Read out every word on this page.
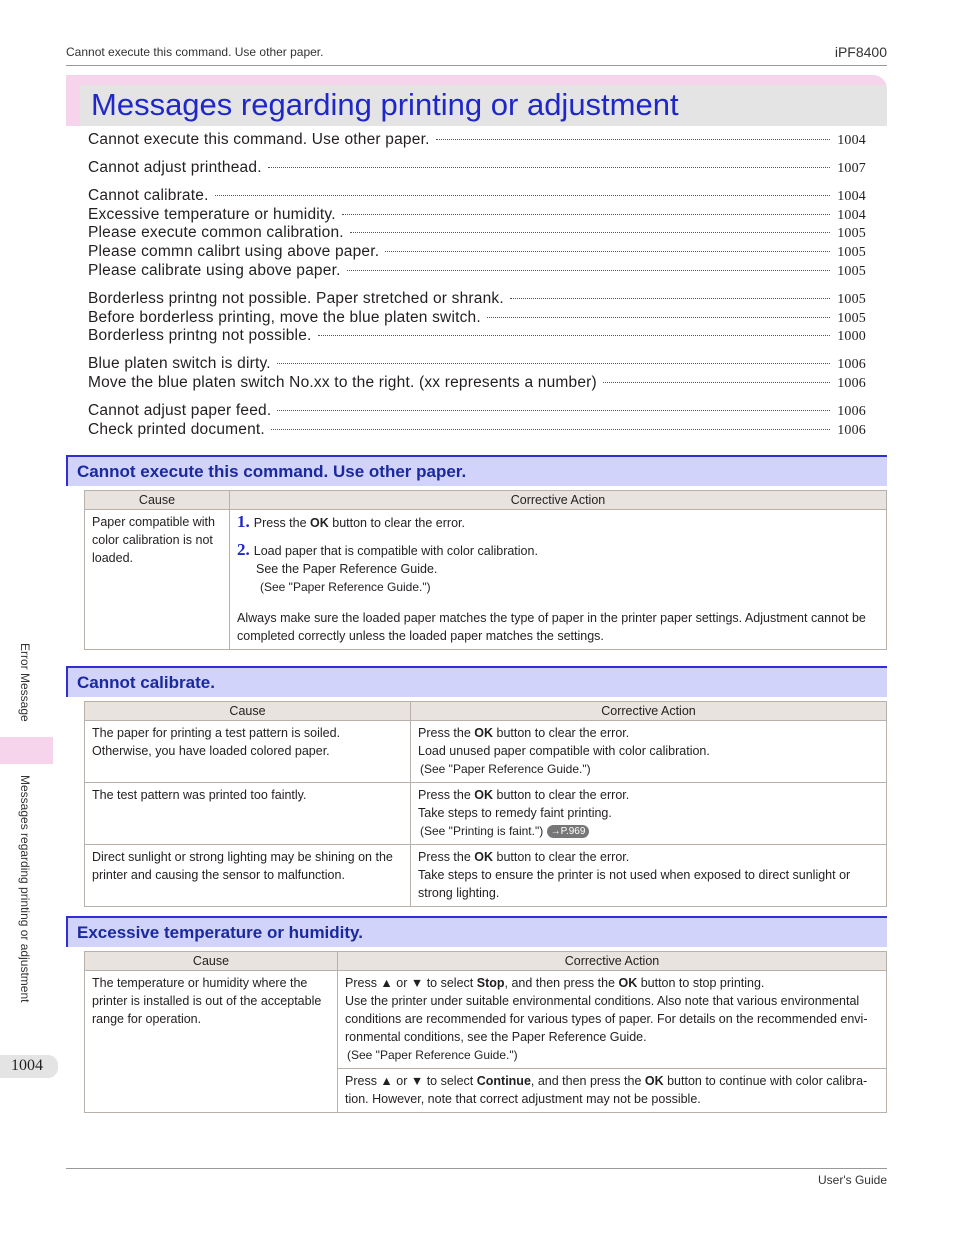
Cannot execute this command. Use other paper.	iPF8400
Messages regarding printing or adjustment
Cannot execute this command. Use other paper.	1004
Cannot adjust printhead.	1007
Cannot calibrate.	1004
Excessive temperature or humidity.	1004
Please execute common calibration.	1005
Please commn calibrt using above paper.	1005
Please calibrate using above paper.	1005
Borderless printng not possible. Paper stretched or shrank.	1005
Before borderless printing, move the blue platen switch.	1005
Borderless printng not possible.	1000
Blue platen switch is dirty.	1006
Move the blue platen switch No.xx to the right. (xx represents a number)	1006
Cannot adjust paper feed.	1006
Check printed document.	1006
Cannot execute this command. Use other paper.
Cause	Corrective Action
Paper compatible with color calibration is not loaded.	1. Press the OK button to clear the error.
2. Load paper that is compatible with color calibration.
See the Paper Reference Guide.
(See "Paper Reference Guide.")
Always make sure the loaded paper matches the type of paper in the printer paper settings. Adjustment cannot be completed correctly unless the loaded paper matches the settings.
Cannot calibrate.
Cause	Corrective Action
The paper for printing a test pattern is soiled. Otherwise, you have loaded colored paper.	Press the OK button to clear the error.
Load unused paper compatible with color calibration.
(See "Paper Reference Guide.")

The test pattern was printed too faintly.	Press the OK button to clear the error.
Take steps to remedy faint printing.
(See "Printing is faint.") →P.969

Direct sunlight or strong lighting may be shining on the printer and causing the sensor to malfunction.	Press the OK button to clear the error.
Take steps to ensure the printer is not used when exposed to direct sunlight or strong lighting.
Excessive temperature or humidity.
Cause	Corrective Action
The temperature or humidity where the printer is installed is out of the acceptable range for operation.	Press ▲ or ▼ to select Stop, and then press the OK button to stop printing.
Use the printer under suitable environmental conditions. Also note that various environmental conditions are recommended for various types of paper. For details on the recommended envi-ronmental conditions, see the Paper Reference Guide.
(See "Paper Reference Guide.")

	Press ▲ or ▼ to select Continue, and then press the OK button to continue with color calibra-tion. However, note that correct adjustment may not be possible.
Error Message
Messages regarding printing or adjustment
1004
User's Guide
